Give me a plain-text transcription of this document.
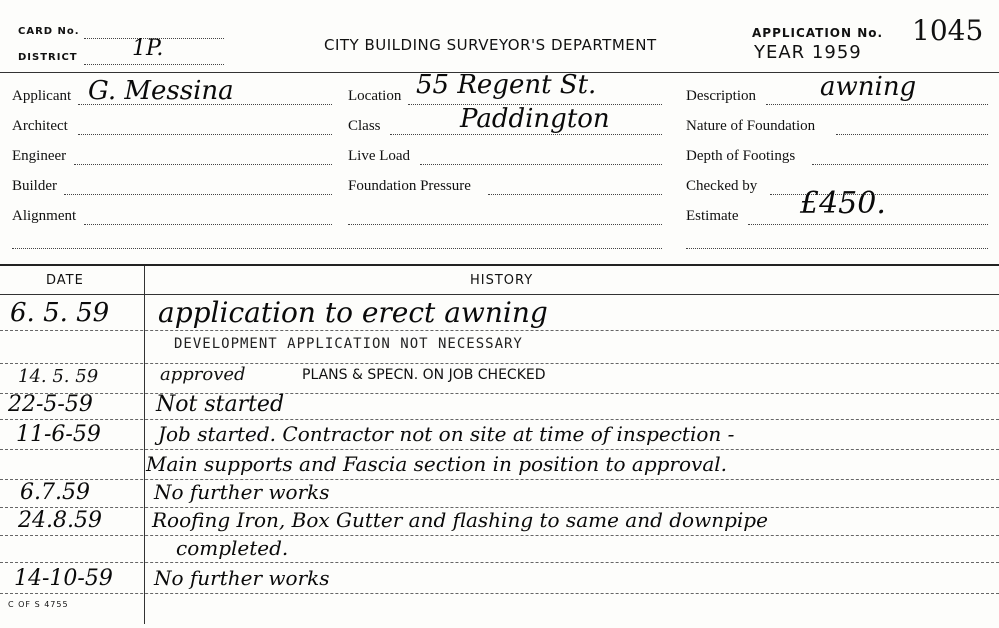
CARD No.
DISTRICT 1P.	CITY BUILDING SURVEYOR'S DEPARTMENT
APPLICATION No. 1045
YEAR 1959
Applicant G. Messina
Architect
Engineer
Builder
Alignment
Location 55 Regent St.
Class	Paddington
Live Load
Foundation Pressure
Description awning
Nature of Foundation
Depth of Footings
Checked by
Estimate £450.
DATE	HISTORY
6. 5. 59 application to erect awning
DEVELOPMENT APPLICATION NOT NECESSARY
14. 5. 59	approved	PLANS & SPECN. ON JOB CHECKED
22-5-59	Not started
11-6-59	Job started. Contractor not on site at time of inspection -
Main supports and Fascia section in position to approval.
6.7.59	No further works
24.8.59	Roofing Iron, Box Gutter and flashing to same and downpipe
completed.
14-10-59 No further works
C OF S 4755
